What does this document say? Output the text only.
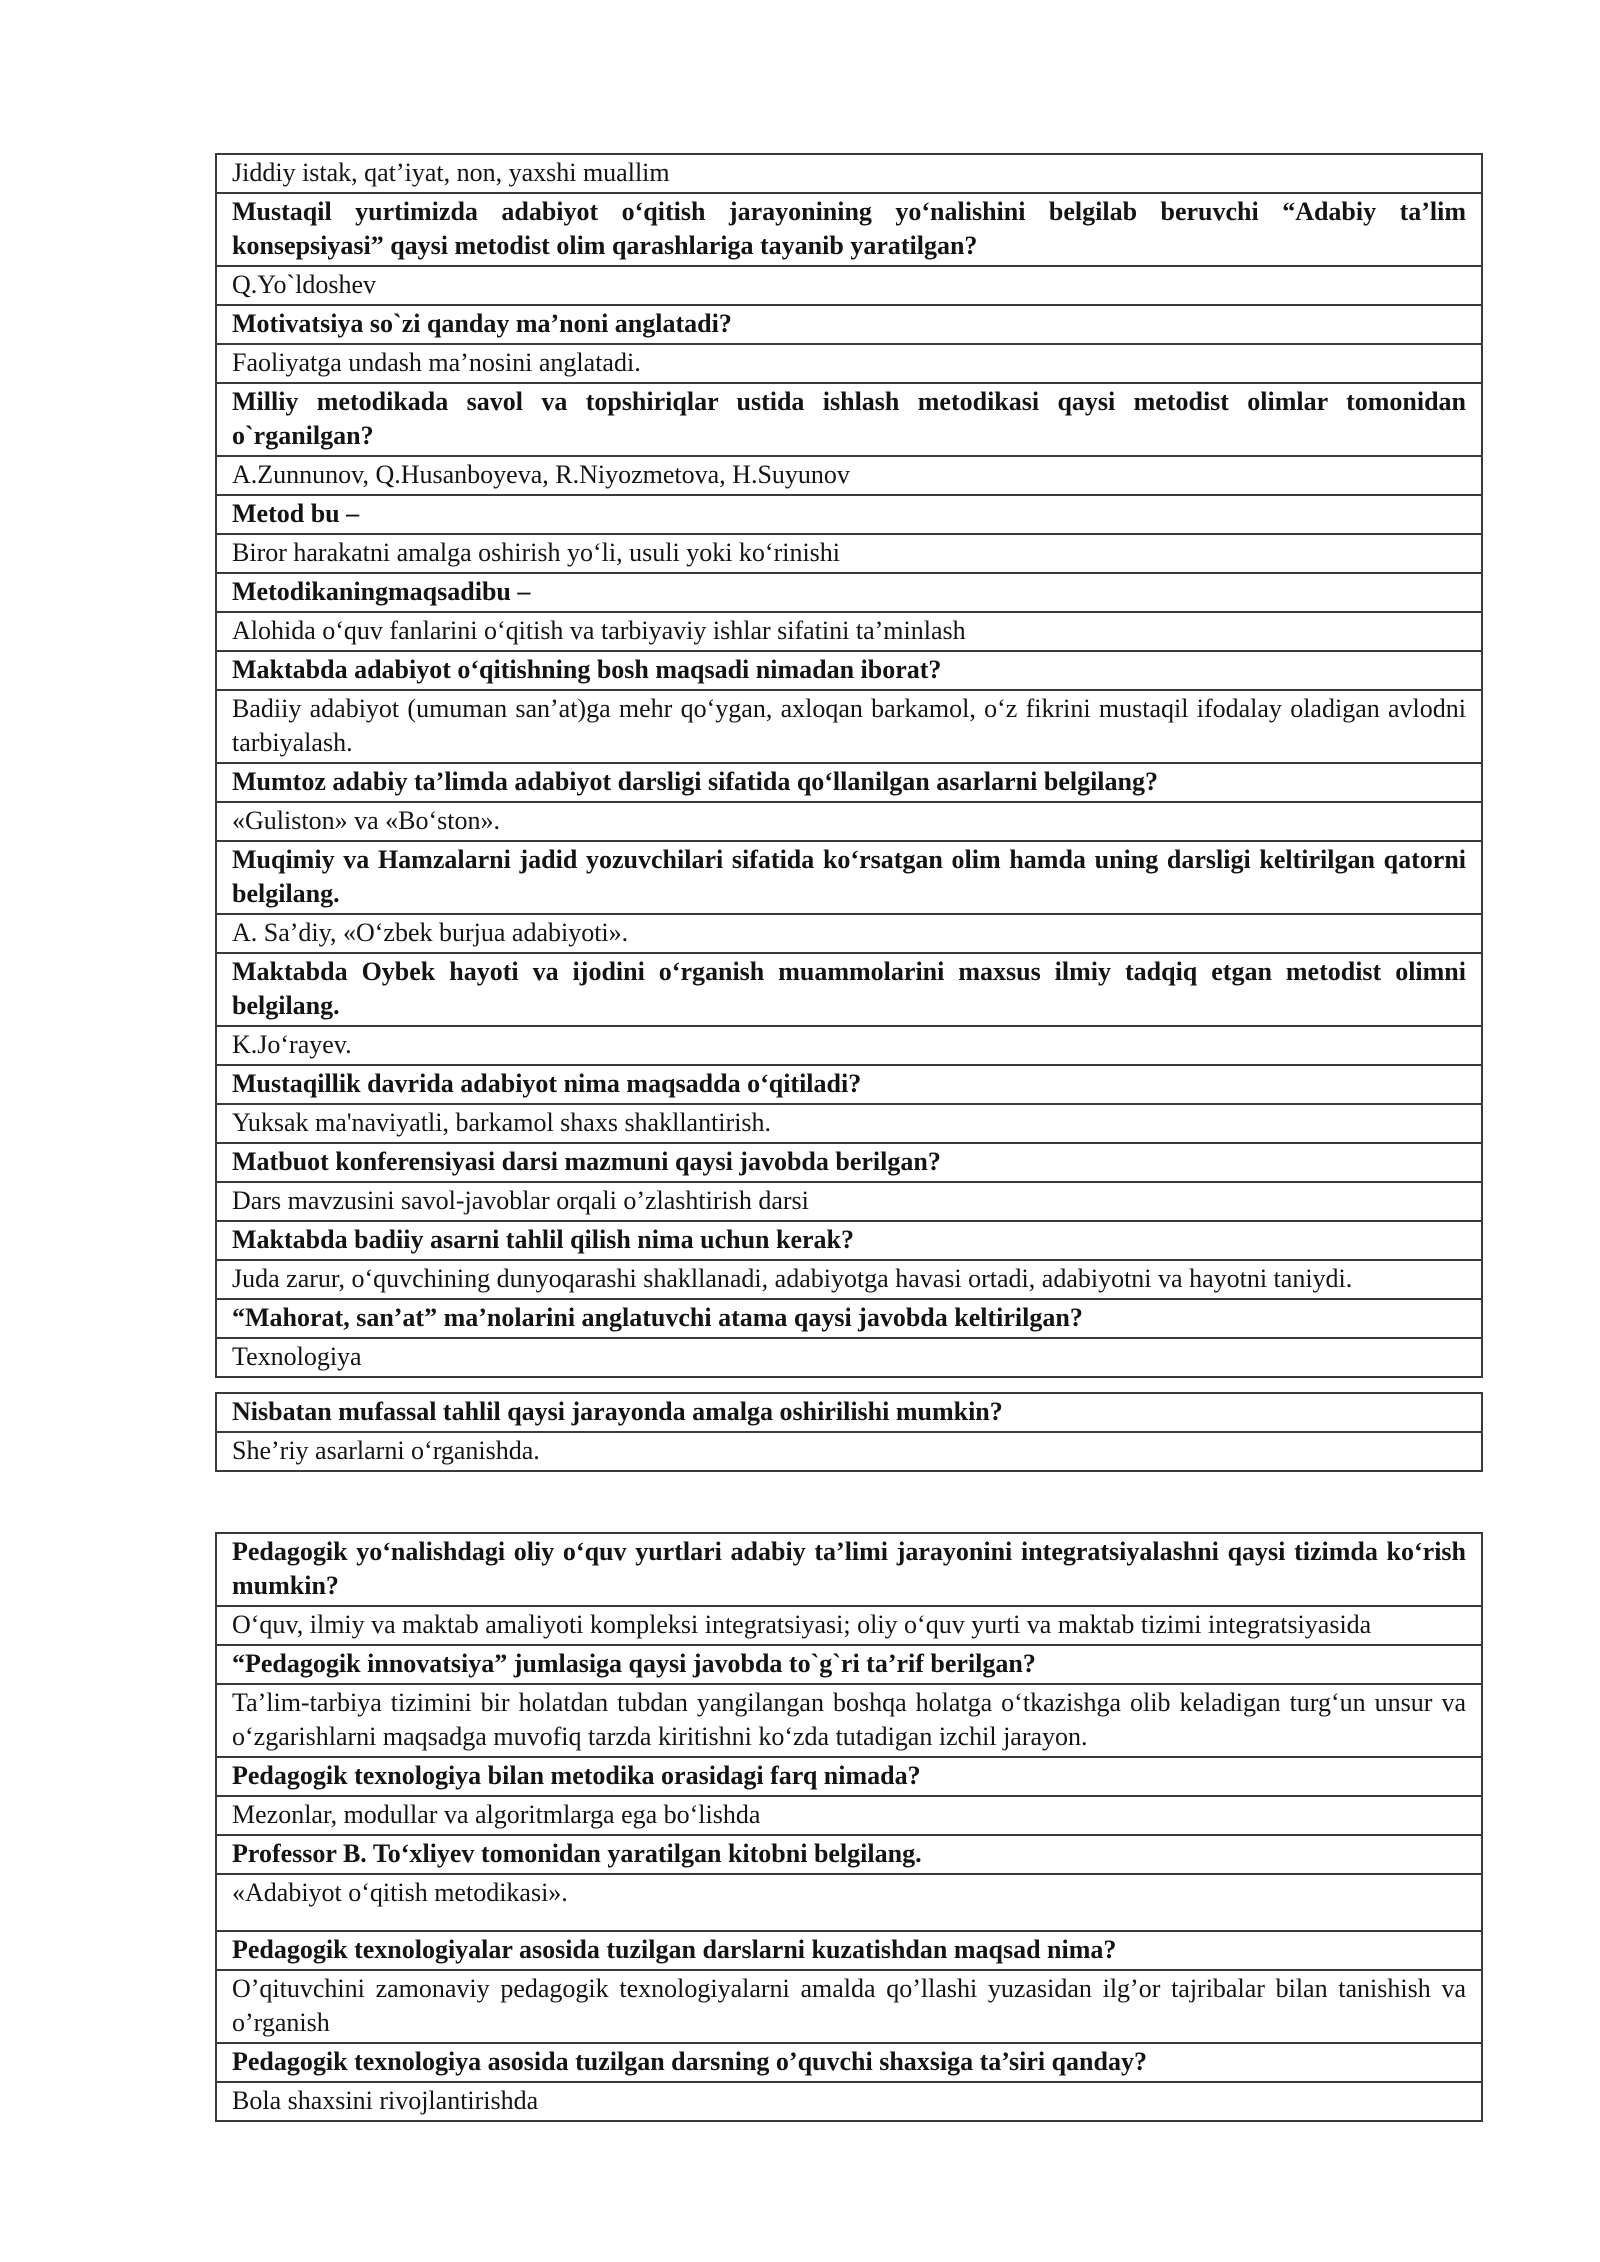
Jiddiy istak, qat’iyat, non, yaxshi muallim
Mustaqil yurtimizda adabiyot o‘qitish jarayonining yo‘nalishini belgilab beruvchi “Adabiy ta’lim konsepsiyasi” qaysi metodist olim qarashlariga tayanib yaratilgan?
Q.Yo`ldoshev
Motivatsiya so`zi qanday ma’noni anglatadi?
Faoliyatga undash ma’nosini anglatadi.
Milliy metodikada savol va topshiriqlar ustida ishlash metodikasi qaysi metodist olimlar tomonidan o`rganilgan?
A.Zunnunov, Q.Husanboyeva, R.Niyozmetova, H.Suyunov
Metod bu –
Biror harakatni amalga oshirish yo‘li, usuli yoki ko‘rinishi
Metodikaningmaqsadibu –
Alohida o‘quv fanlarini o‘qitish va tarbiyaviy ishlar sifatini ta’minlash
Maktabda adabiyot o‘qitishning bosh maqsadi nimadan iborat?
Badiiy adabiyot (umuman san’at)ga mehr qo‘ygan, axloqan barkamol, o‘z fikrini mustaqil ifodalay oladigan avlodni tarbiyalash.
Mumtoz adabiy ta’limda adabiyot darsligi sifatida qo‘llanilgan asarlarni belgilang?
«Guliston» va «Bo‘ston».
Muqimiy va Hamzalarni jadid yozuvchilari sifatida ko‘rsatgan olim hamda uning darsligi keltirilgan qatorni belgilang.
A. Sa’diy, «O‘zbek burjua adabiyoti».
Maktabda Oybek hayoti va ijodini o‘rganish muammolarini maxsus ilmiy tadqiq etgan metodist olimni belgilang.
K.Jo‘rayev.
Mustaqillik davrida adabiyot nima maqsadda o‘qitiladi?
Yuksak ma'naviyatli, barkamol shaxs shakllantirish.
Matbuot konferensiyasi darsi mazmuni qaysi javobda berilgan?
Dars mavzusini savol-javoblar orqali o’zlashtirish darsi
Maktabda badiiy asarni tahlil qilish nima uchun kerak?
Juda zarur, o‘quvchining dunyoqarashi shakllanadi, adabiyotga havasi ortadi, adabiyotni va hayotni taniydi.
“Mahorat, san’at” ma’nolarini anglatuvchi atama qaysi javobda keltirilgan?
Texnologiya
Nisbatan mufassal tahlil qaysi jarayonda amalga oshirilishi mumkin?
She’riy asarlarni o‘rganishda.
Pedagogik yo‘nalishdagi oliy o‘quv yurtlari adabiy ta’limi jarayonini integratsiyalashni qaysi tizimda ko‘rish mumkin?
O‘quv, ilmiy va maktab amaliyoti kompleksi integratsiyasi; oliy o‘quv yurti va maktab tizimi integratsiyasida
“Pedagogik innovatsiya” jumlasiga qaysi javobda to`g`ri ta’rif berilgan?
Ta’lim-tarbiya tizimini bir holatdan tubdan yangilangan boshqa holatga o‘tkazishga olib keladigan turg‘un unsur va o‘zgarishlarni maqsadga muvofiq tarzda kiritishni ko‘zda tutadigan izchil jarayon.
Pedagogik texnologiya bilan metodika orasidagi farq nimada?
Mezonlar, modullar va algoritmlarga ega bo‘lishda
Professor B. To‘xliyev tomonidan yaratilgan kitobni belgilang.
«Adabiyot o‘qitish metodikasi».
Pedagogik texnologiyalar asosida tuzilgan darslarni kuzatishdan maqsad nima?
O’qituvchini zamonaviy pedagogik texnologiyalarni amalda qo’llashi yuzasidan ilg’or tajribalar bilan tanishish va o’rganish
Pedagogik texnologiya asosida tuzilgan darsning o’quvchi shaxsiga ta’siri qanday?
Bola shaxsini rivojlantirishda
